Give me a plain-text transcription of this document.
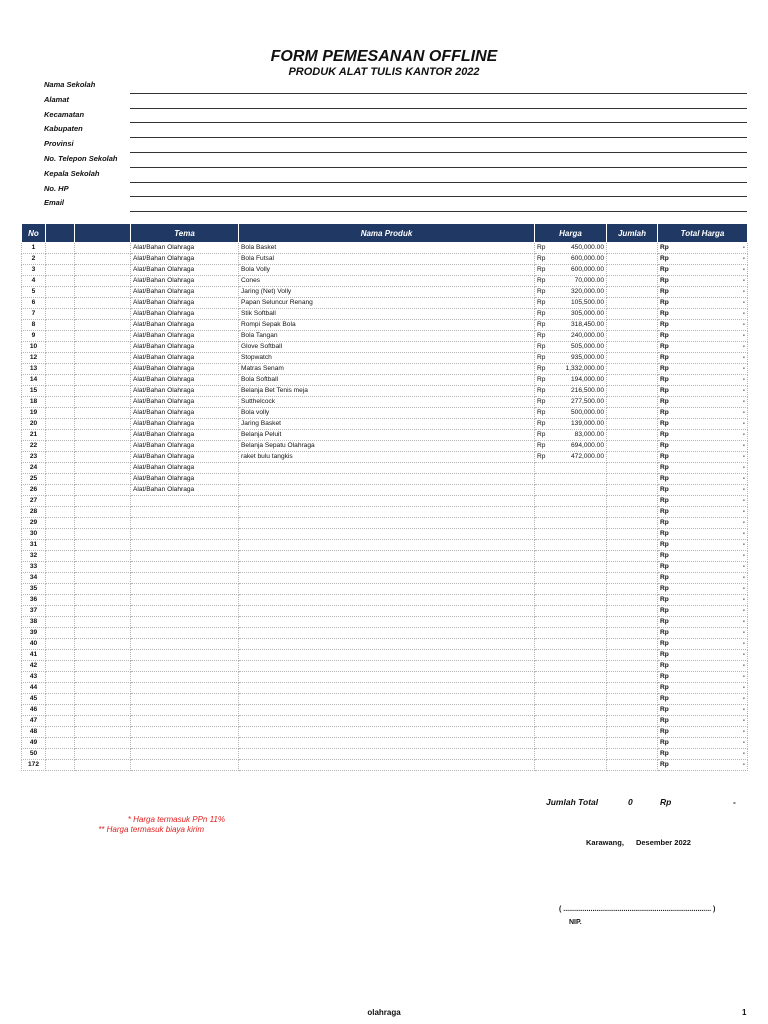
FORM PEMESANAN OFFLINE
PRODUK ALAT TULIS KANTOR 2022
Nama Sekolah
Alamat
Kecamatan
Kabupaten
Provinsi
No. Telepon Sekolah
Kepala Sekolah
No. HP
Email
No			Tema	Nama Produk	Harga	Jumlah	Total Harga
1			Alat/Bahan Olahraga	Bola Basket	Rp 450,000.00		Rp -

2			Alat/Bahan Olahraga	Bola Futsal	Rp 600,000.00		Rp -

3			Alat/Bahan Olahraga	Bola Volly	Rp 600,000.00		Rp -

4			Alat/Bahan Olahraga	Cones	Rp 70,000.00		Rp -

5			Alat/Bahan Olahraga	Jaring (Net) Volly	Rp 320,000.00		Rp -

6			Alat/Bahan Olahraga	Papan Seluncur Renang	Rp 105,500.00		Rp -

7			Alat/Bahan Olahraga	Stik Softball	Rp 305,000.00		Rp -

8			Alat/Bahan Olahraga	Rompi Sepak Bola	Rp 318,450.00		Rp -

9			Alat/Bahan Olahraga	Bola Tangan	Rp 240,000.00		Rp -

10			Alat/Bahan Olahraga	Glove Softball	Rp 505,000.00		Rp -

12			Alat/Bahan Olahraga	Stopwatch	Rp 935,000.00		Rp -

13			Alat/Bahan Olahraga	Matras Senam	Rp 1,332,000.00		Rp -

14			Alat/Bahan Olahraga	Bola Softball	Rp 194,000.00		Rp -

15			Alat/Bahan Olahraga	Belanja Bet Tenis meja	Rp 216,500.00		Rp -

18			Alat/Bahan Olahraga	Sutthelcock	Rp 277,500.00		Rp -

19			Alat/Bahan Olahraga	Bola volly	Rp 500,000.00		Rp -

20			Alat/Bahan Olahraga	Jaring Basket	Rp 139,000.00		Rp -

21			Alat/Bahan Olahraga	Belanja Peluit	Rp 83,000.00		Rp -

22			Alat/Bahan Olahraga	Belanja Sepatu Olahraga	Rp 694,000.00		Rp -

23			Alat/Bahan Olahraga	raket bulu tangkis	Rp 472,000.00		Rp -

24			Alat/Bahan Olahraga				Rp -

25			Alat/Bahan Olahraga				Rp -

26			Alat/Bahan Olahraga				Rp -

27							Rp -

28							Rp -

29							Rp -

30							Rp -

31							Rp -

32							Rp -

33							Rp -

34							Rp -

35							Rp -

36							Rp -

37							Rp -

38							Rp -

39							Rp -

40							Rp -

41							Rp -

42							Rp -

43							Rp -

44							Rp -

45							Rp -

46							Rp -

47							Rp -

48							Rp -

49							Rp -

50							Rp -

172							Rp -
Jumlah Total	0	Rp	-
* Harga termasuk PPn 11%
** Harga termasuk biaya kirim
Karawang, Desember 2022
( ............................................................................ )
NIP.
olahraga	1
